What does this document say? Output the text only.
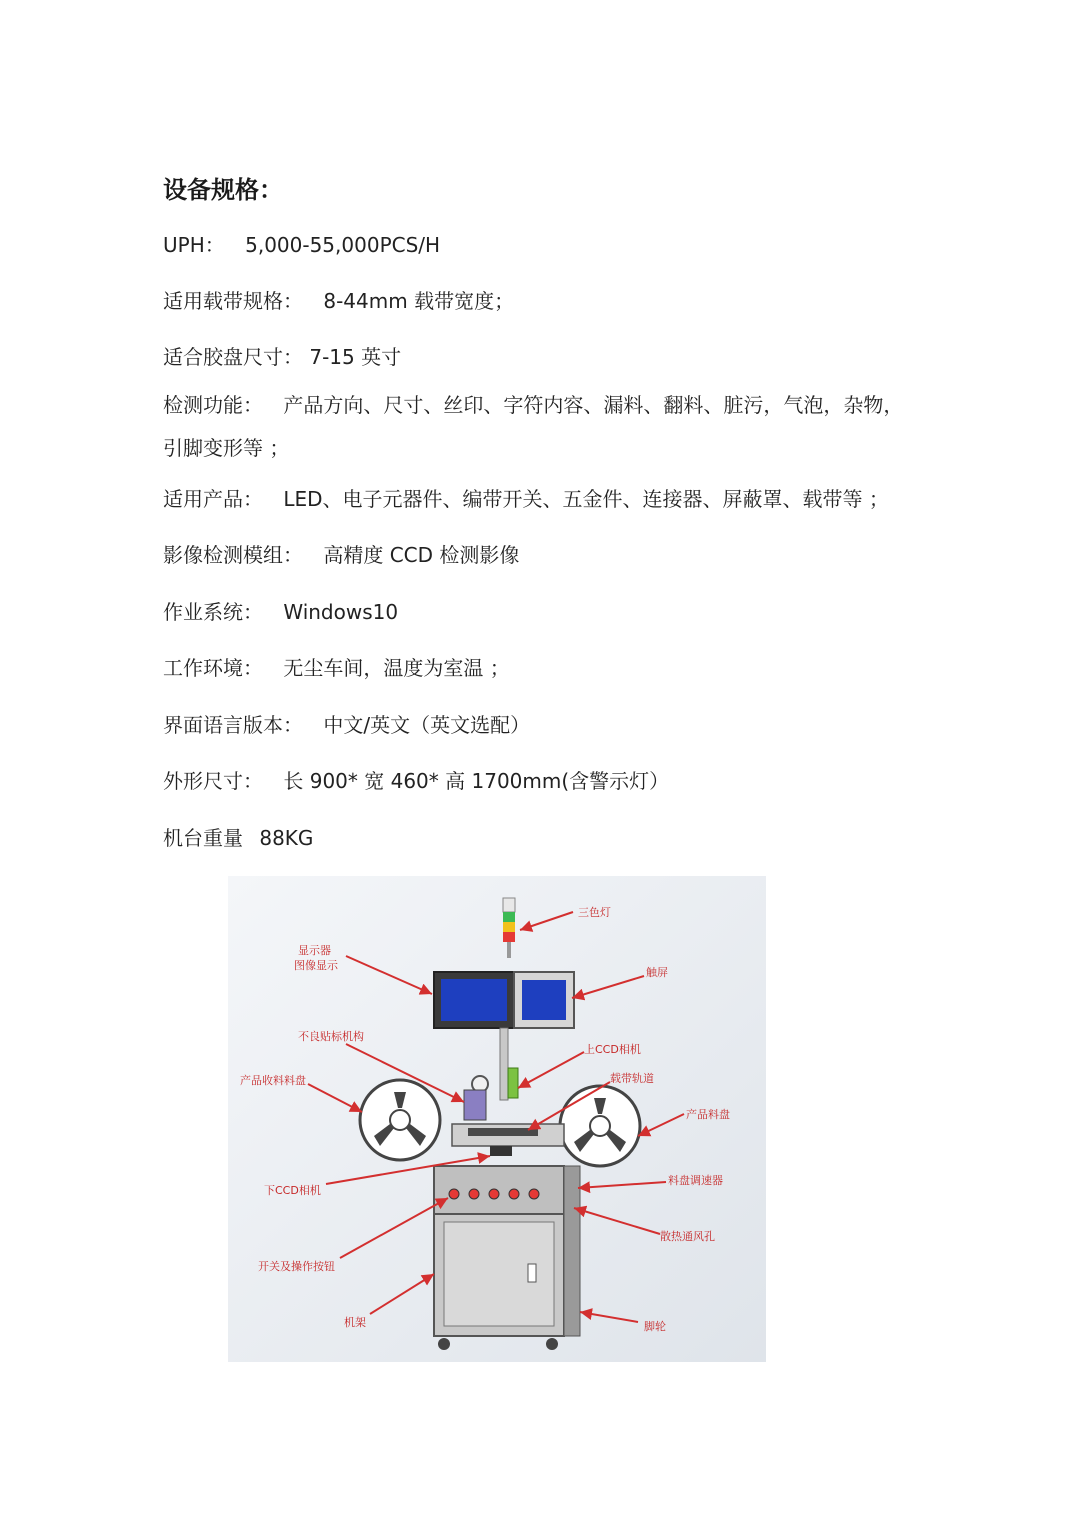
设备规格：
UPH： 5,000-55,000PCS/H
适用载带规格： 8-44mm 载带宽度；
适合胶盘尺寸： 7-15 英寸
检测功能： 产品方向、尺寸、丝印、字符内容、漏料、翻料、脏污，气泡，杂物，引脚变形等 ；
适用产品： LED、电子元器件、编带开关、五金件、连接器、屏蔽罩、载带等 ；
影像检测模组： 高精度 CCD 检测影像
作业系统： Windows10
工作环境： 无尘车间，温度为室温 ；
界面语言版本： 中文/英文（英文选配）
外形尺寸： 长 900* 宽 460* 高 1700mm(含警示灯）
机台重量 88KG
三色灯
显示器
图像显示
触屏
不良贴标机构
上CCD相机
产品收料料盘	载带轨道
产品料盘
下CCD相机
料盘调速器
散热通风孔
开关及操作按钮
机架	脚轮
